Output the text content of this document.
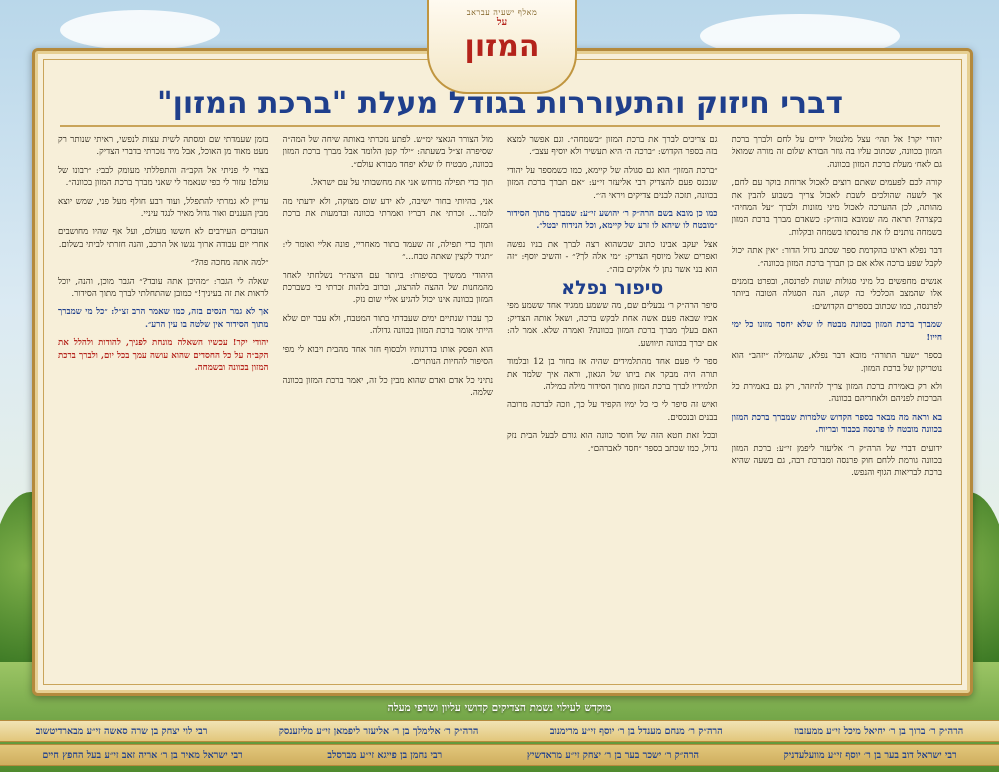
מאלף ישעיה עבראב
על
המזון
דברי חיזוק והתעוררות בגודל מעלת "ברכת המזון"

יהודי יקר! אל תהי׳ עצל מלנטול ידיים על לחם ולברך ברכת המזון בכוונה, שכתוב עליו בה גוזר הבורא שלום זה מורה שמואל גם לאח׳ מעלת ברכת המזון בכוונה.

קורה לכם לפעמים שאתם רוצים לאכול ארוחת בוקר עם לחם, אך לשעה שהולכים לשבת לאכול צריך בשבוע להבין את מהותה, לכן ההערכה לאכול מיני מזונות ולברך ״על המחיה״ בקצרה? תראה מה שמובא בזוה״ק: כשאדם מברך ברכת המזון בשמחה נותנים לו את פרנסתו בשמחה ובקלות.

דבר נפלא ראינו בהקדמת ספר שכתב גדול הדור: ״אין אתה יכול לקבל שפע ברכה אלא אם כן תברך ברכת המזון בכוונה״.

אנשים מחפשים כל מיני סגולות שונות לפרנסה, ובפרט בזמנים אלו שהמצב הכלכלי כה קשה, הנה הסגולה הטובה ביותר לפרנסה, כמו שכתוב בספרים הקדושים:

שמברך ברכת המזון בכוונה מבטח לו שלא יחסר מזונו כל ימי חייו!

בספר ״שער התורה״ מובא דבר נפלא, שהגמילה ״יזהב״ הוא נוטריקון של ברכת המזון.

ולא רק באמירת ברכת המזון צריך להיזהר, רק גם באמירת כל הברכות לפניהם ולאחריהם בכוונה.

בא וראה מה מבאר בספר הקדוש שלמרות שמברך ברכת המזון בכוונה מובטח לו פרנסה בכבוד ובריוח.

ידועים דברי של הרה״ק ר׳ אליעזר ליפמן זי״ע: ברכת המזון בכוונה גורמת ללחם חוק פרנסה ומברכת רבה, גם בשעה שהיא ברכת לבריאות הגוף והנפש.

גם צריכים לברך את ברכת המזון ״בשמחה״. וגם אפשר למצא בזה בספר הקדוש: ״ברכה ה׳ היא תעשיר ולא יוסיף עצב״.

״ברכת המזון״ הוא גם סגולה של קיימא, כמו כשמספר על יהודי שנכנס פעם להצדיק רבי אליעזר זי״ע: ״אם תברך ברכת המזון בכוונה, תזכה לבנים צדיקים ויראי ה׳״.

כמו כן מובא בשם הרה״ק ר׳ יהושע זי״ע: שמברך מתוך הסידור ״מובטח לו שיהא לו זרע של קיימא, וכל הנידוח יבטל״.

אצל יעקב אבינו כתוב שכשהוא רצה לברך את בניו נפשה ואפרים שאל מיוסף הצדיק: ״מי אלה לך?״ - והשיב יוסף: ״זה הוא בני אשר נתן לי אלוקים בזה״.

סיפור נפלא

סיפר הרה״ק ר׳ נבעלים שם, מה ששמע ממגיד אחד ששמע מפי אביו שבאה פעם אשה אחת לבקש ברכה, ושאל אותה הצדיק: האם בעלך מברך ברכת המזון בכוונה? ואמרה שלא. אמר לה: אם יברך בכוונה תיוושע.

ספר לי פעם אחד מהתלמידים שהיה אז בחור בן 12 ובלמוד תורה היה מבקר את ביתו של הגאון, וראה איך שלמד את תלמידיו לברך ברכת המזון מתוך הסידור מילה במילה.

ואיש זה סיפר לי כי כל ימיו הקפיד על כך, וזכה לברכה מרובה בבנים ובנכסים.

ובכל זאת חטא הזה של חוסר כוונה הוא גורם לבעל הבית נזק גדול, כמו שכתב בספר ״חסד לאברהם״.

מול הצורר הגאצי ימ״ש. לפתע נזכרתי באותה שיחה של המה״ה שסיפרה זצ״ל בשעתה: ״ילד קטן הלומד אבל מברך ברכת המזון בכוונה, מבטיח לו שלא יפחד מבורא עולם״.

תוך כדי תפילה מרחש אני את מחשבותי על עם ישראל.

אני, בהיותי בחור ישיבה, לא ידע שום מצוקה, ולא ידעתי מה לומר... זכרתי את דבריו ואמרתי בכוונה ובדמעות את ברכת המזון.

ותוך כדי תפילה, זה שעמד בתור מאחריי, פונה אליי ואומר לי: ״תגיד לקצין שאתה טבח...״

היהודי ממשיך בסיפורו: ביותר עם היצה״ר נשלחתי לאחר מהמחנות של ההצה להרצוג, וברוב בלהות זכרתי כי כשברכת המזון בכוונה אינו יכול להגיע אליי שום נזק.

כך עברו שנתיים ימים שעבדתי בתור המטבח, ולא עבר יום שלא הייתי אומר ברכת המזון בכוונה גדולה.

הוא הפסק אותו בדרגותיו ולבסוף חזר אחד מהבית ויבוא לי מפי הסיפור להחיות הנותרים.

נתיני כל אדם ואדם שהוא מבין כל זה, יאמר ברכת המזון בכוונה שלמה.

בזמן שעמדתי שם ומסתה לשית עצות לנפשי, ראיתי שנותר רק מעט מאוד מן האוכל, אבל מיד נזכרתי בדברי הצדיק.

בצרי לי פניתי אל הקב״ה והתפללתי מעומק לבבי: ״רבונו של עולם! עזור לי כפי שנאמר לי שאני מברך ברכת המזון בכוונה״.

עדיין לא גמרתי להתפלל, ועוד רבע חולף מעל פני, שמש יוצא מבין העננים ואור גדול מאיר לנגד עיניי.

העובדים העירבים לא חששו מעולם, ועל אף שהיו מחושבים אחרי יום עבודה ארוך נגשו אל הרכב, והנה חזרתי לביתי בשלום.

״למה אתה מחכה פה?״

שאלה לי הגבר: ״מהיכן אתה עובד?״ הגבר מוכן, והנה, יוכל לראות את זה בעיניך!״ כמובן שהתחלתי לברך מתוך הסידור.

אך לא גמר הנסים בזה, כמו שאמר הרב זצ״ל: ״כל מי שמברך מתוך הסידור אין שלטה בו עין הרע״.

יהודי יקר! עכשיו השאלה מונחת לפניך, להודות ולהלל את הקב״ה על כל החסדים שהוא עושה עמך בכל יום, ולברך ברכת המזון בכוונה ובשמחה.

מוקדש לעילוי נשמת הצדיקים קדושי עליון ושרפי מעלה
הרה״ק ר׳ ברוך בן ר׳ יחיאל מיכל זי״ע ממעזבוז
הרה״ק ר׳ מנחם מענדל בן ר׳ יוסף זי״ע מרימנוב
הרה״ק ר׳ אלימלך בן ר׳ אליעזר ליפמאן זי״ע מליזענסק
רבי לוי יצחק בן שרה סאשה זי״ע מבארדיטשוב
רבי ישראל דוב בער בן ר׳ יוסף זי״ע מוועלעדניק
הרה״ק ר׳ ישכר בער בן ר׳ יצחק זי״ע מראדשיץ
רבי נחמן בן פייגא זי״ע מברסלב
רבי ישראל מאיר בן ר׳ אריה זאב זי״ע בעל החפץ חיים
